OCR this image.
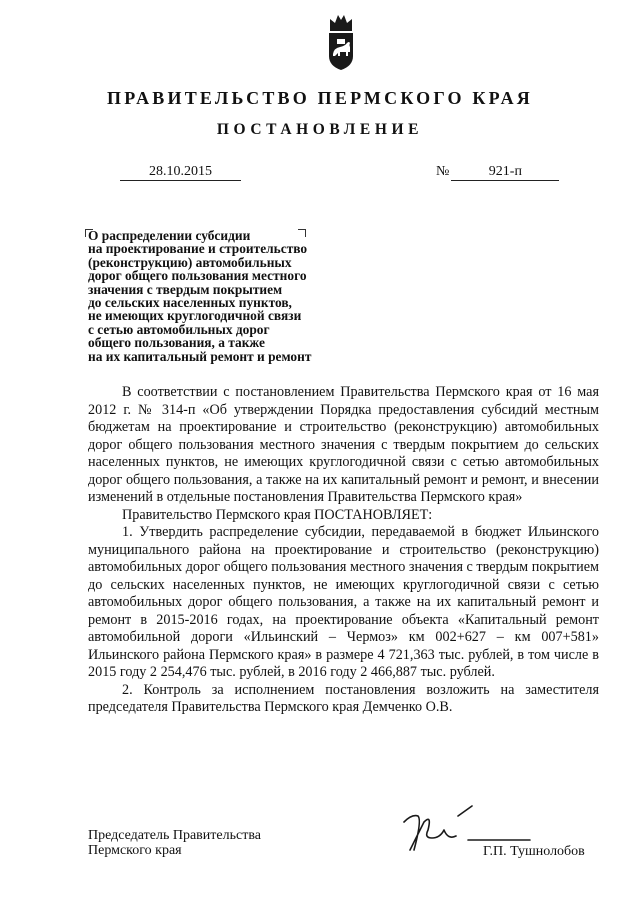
ПРАВИТЕЛЬСТВО ПЕРМСКОГО КРАЯ
ПОСТАНОВЛЕНИЕ
28.10.2015	№	921-п
О распределении субсидии
на проектирование и строительство
(реконструкцию) автомобильных
дорог общего пользования местного
значения с твердым покрытием
до сельских населенных пунктов,
не имеющих круглогодичной связи
с сетью автомобильных дорог
общего пользования, а также
на их капитальный ремонт и ремонт

В соответствии с постановлением Правительства Пермского края от 16 мая 2012 г. № 314-п «Об утверждении Порядка предоставления субсидий местным бюджетам на проектирование и строительство (реконструкцию) автомобильных дорог общего пользования местного значения с твердым покрытием до сельских населенных пунктов, не имеющих круглогодичной связи с сетью автомобильных дорог общего пользования, а также на их капитальный ремонт и ремонт, и внесении изменений в отдельные постановления Правительства Пермского края»

Правительство Пермского края ПОСТАНОВЛЯЕТ:

1. Утвердить распределение субсидии, передаваемой в бюджет Ильинского муниципального района на проектирование и строительство (реконструкцию) автомобильных дорог общего пользования местного значения с твердым покрытием до сельских населенных пунктов, не имеющих круглогодичной связи с сетью автомобильных дорог общего пользования, а также на их капитальный ремонт и ремонт в 2015-2016 годах, на проектирование объекта «Капитальный ремонт автомобильной дороги «Ильинский – Чермоз» км 002+627 – км 007+581» Ильинского района Пермского края» в размере 4 721,363 тыс. рублей, в том числе в 2015 году 2 254,476 тыс. рублей, в 2016 году 2 466,887 тыс. рублей.

2. Контроль за исполнением постановления возложить на заместителя председателя Правительства Пермского края Демченко О.В.

Председатель Правительства
Пермского края	Г.П. Тушнолобов
